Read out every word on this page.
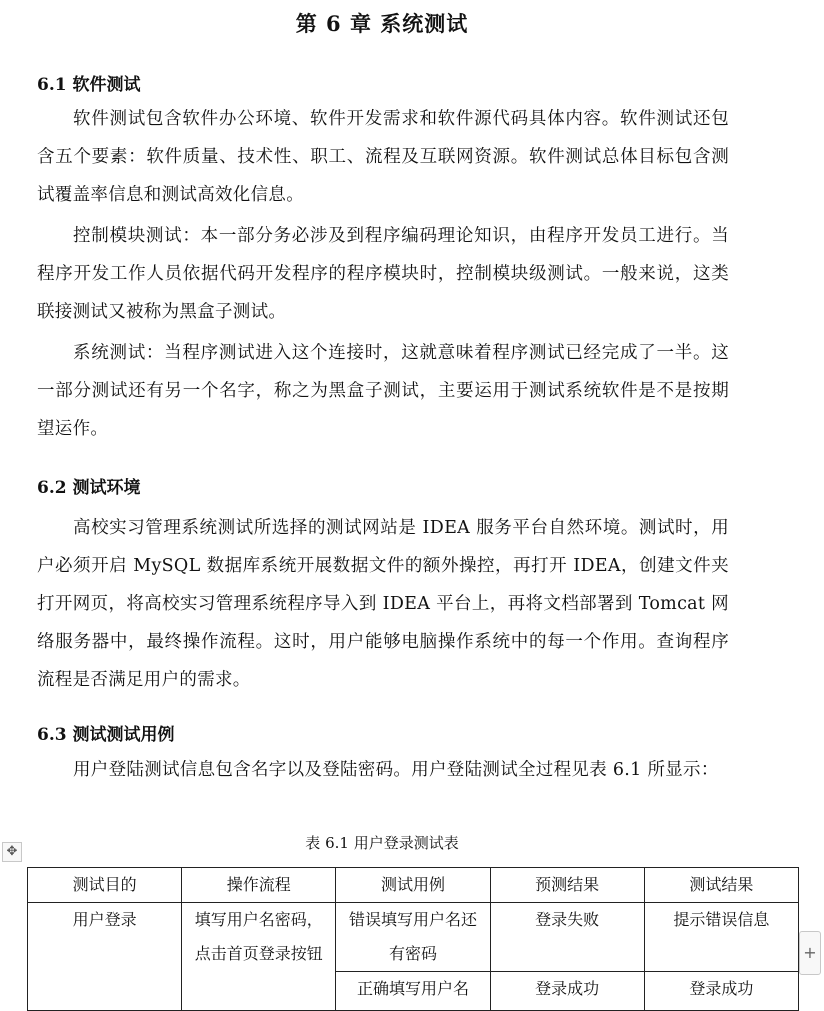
第 6 章 系统测试
6.1 软件测试

软件测试包含软件办公环境、软件开发需求和软件源代码具体内容。软件测试还包含五个要素：软件质量、技术性、职工、流程及互联网资源。软件测试总体目标包含测试覆盖率信息和测试高效化信息。

控制模块测试：本一部分务必涉及到程序编码理论知识，由程序开发员工进行。当程序开发工作人员依据代码开发程序的程序模块时，控制模块级测试。一般来说，这类联接测试又被称为黑盒子测试。

系统测试：当程序测试进入这个连接时，这就意味着程序测试已经完成了一半。这一部分测试还有另一个名字，称之为黑盒子测试，主要运用于测试系统软件是不是按期望运作。

6.2 测试环境

高校实习管理系统测试所选择的测试网站是 IDEA 服务平台自然环境。测试时，用户必须开启 MySQL 数据库系统开展数据文件的额外操控，再打开 IDEA，创建文件夹打开网页，将高校实习管理系统程序导入到 IDEA 平台上，再将文档部署到 Tomcat 网络服务器中，最终操作流程。这时，用户能够电脑操作系统中的每一个作用。查询程序流程是否满足用户的需求。

6.3 测试测试用例

用户登陆测试信息包含名字以及登陆密码。用户登陆测试全过程见表 6.1 所显示：

表 6.1 用户登录测试表
✥
测试目的	操作流程	测试用例	预测结果	测试结果
用户登录	填写用户名密码，点击首页登录按钮	错误填写用户名还有密码	登录失败	提示错误信息
		正确填写用户名	登录成功	登录成功
+
